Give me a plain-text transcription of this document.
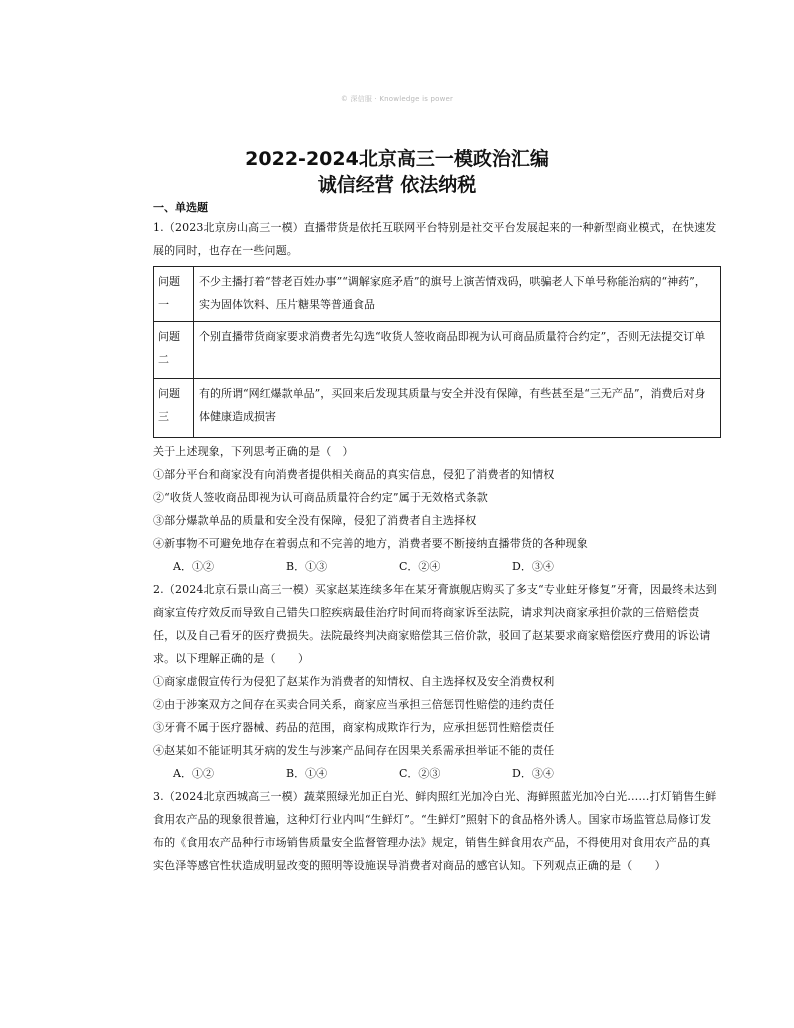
© 深信服 · Knowledge is power
2022-2024北京高三一模政治汇编
诚信经营 依法纳税
一、单选题

1.（2023北京房山高三一模）直播带货是依托互联网平台特别是社交平台发展起来的一种新型商业模式，在快速发展的同时，也存在一些问题。

问题一	不少主播打着“替老百姓办事”“调解家庭矛盾”的旗号上演苦情戏码，哄骗老人下单号称能治病的“神药”，实为固体饮料、压片糖果等普通食品
问题二	个别直播带货商家要求消费者先勾选“收货人签收商品即视为认可商品质量符合约定”，否则无法提交订单
问题三	有的所谓“网红爆款单品”，买回来后发现其质量与安全并没有保障，有些甚至是“三无产品”，消费后对身体健康造成损害

关于上述现象，下列思考正确的是（　）

①部分平台和商家没有向消费者提供相关商品的真实信息，侵犯了消费者的知情权

②“收货人签收商品即视为认可商品质量符合约定”属于无效格式条款

③部分爆款单品的质量和安全没有保障，侵犯了消费者自主选择权

④新事物不可避免地存在着弱点和不完善的地方，消费者要不断接纳直播带货的各种现象

A．①②	B．①③	C．②④	D．③④

2.（2024北京石景山高三一模）买家赵某连续多年在某牙膏旗舰店购买了多支“专业蛀牙修复”牙膏，因最终未达到商家宣传疗效反而导致自己错失口腔疾病最佳治疗时间而将商家诉至法院，请求判决商家承担价款的三倍赔偿责任，以及自己看牙的医疗费损失。法院最终判决商家赔偿其三倍价款，驳回了赵某要求商家赔偿医疗费用的诉讼请求。以下理解正确的是（　　）

①商家虚假宣传行为侵犯了赵某作为消费者的知情权、自主选择权及安全消费权利

②由于涉案双方之间存在买卖合同关系，商家应当承担三倍惩罚性赔偿的违约责任

③牙膏不属于医疗器械、药品的范围，商家构成欺诈行为，应承担惩罚性赔偿责任

④赵某如不能证明其牙病的发生与涉案产品间存在因果关系需承担举证不能的责任

A．①②	B．①④	C．②③	D．③④

3.（2024北京西城高三一模）蔬菜照绿光加正白光、鲜肉照红光加冷白光、海鲜照蓝光加冷白光……打灯销售生鲜食用农产品的现象很普遍，这种灯行业内叫“生鲜灯”。“生鲜灯”照射下的食品格外诱人。国家市场监管总局修订发布的《食用农产品种行市场销售质量安全监督管理办法》规定，销售生鲜食用农产品，不得使用对食用农产品的真实色泽等感官性状造成明显改变的照明等设施误导消费者对商品的感官认知。下列观点正确的是（　　）
